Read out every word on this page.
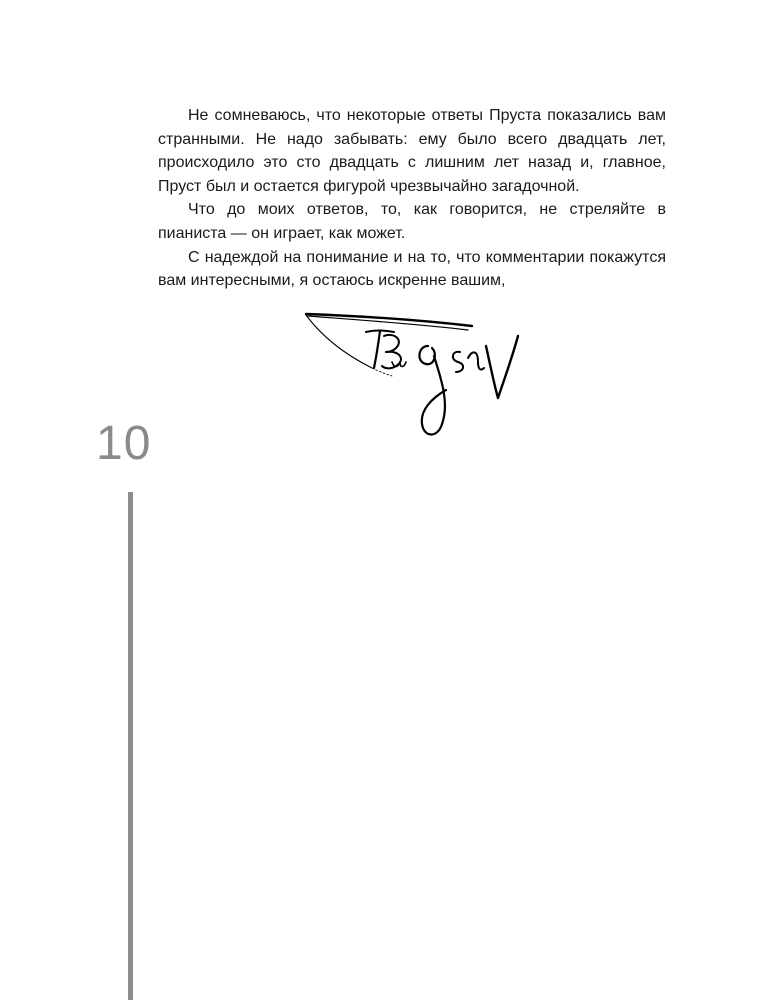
Не сомневаюсь, что некоторые ответы Пруста показались вам странными. Не надо забывать: ему было всего двадцать лет, происходило это сто двадцать с лишним лет назад и, главное, Пруст был и остается фигурой чрезвычайно загадочной.

Что до моих ответов, то, как говорится, не стреляйте в пианиста — он играет, как может.

С надеждой на понимание и на то, что комментарии покажутся вам интересными, я остаюсь искренне вашим,

10
